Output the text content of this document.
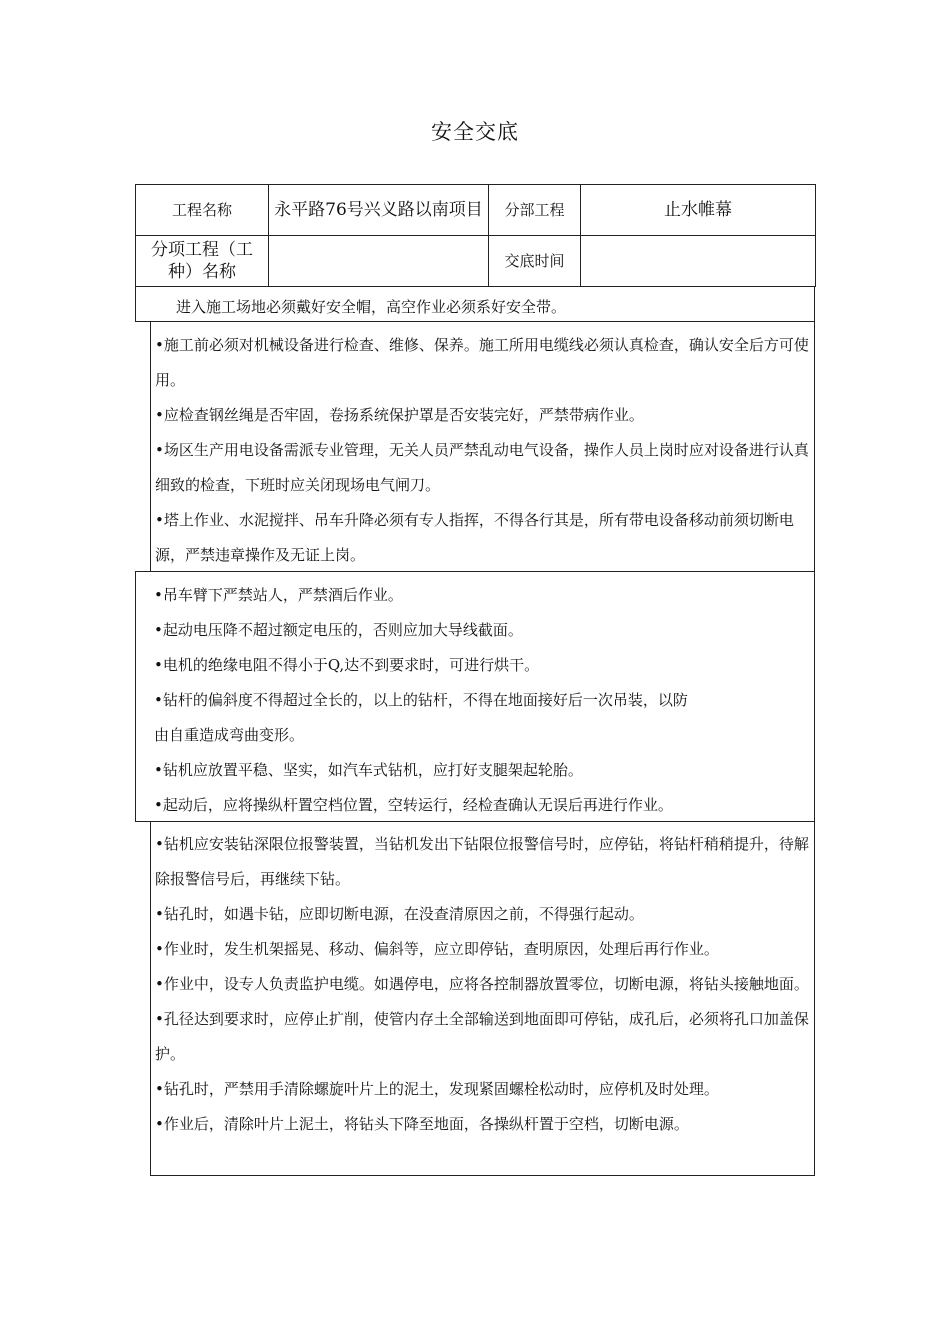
安全交底
工程名称	永平路76号兴义路以南项目	分部工程	止水帷幕
分项工程（工种）名称		交底时间	

进入施工场地必须戴好安全帽，高空作业必须系好安全带。

•施工前必须对机械设备进行检查、维修、保养。施工所用电缆线必须认真检查，确认安全后方可使用。

•应检查钢丝绳是否牢固，卷扬系统保护罩是否安装完好，严禁带病作业。

•场区生产用电设备需派专业管理，无关人员严禁乱动电气设备，操作人员上岗时应对设备进行认真细致的检查，下班时应关闭现场电气闸刀。

•塔上作业、水泥搅拌、吊车升降必须有专人指挥，不得各行其是，所有带电设备移动前须切断电源，严禁违章操作及无证上岗。

•吊车臂下严禁站人，严禁酒后作业。

•起动电压降不超过额定电压的，否则应加大导线截面。

•电机的绝缘电阻不得小于Q,达不到要求时，可进行烘干。

•钻杆的偏斜度不得超过全长的，以上的钻杆，不得在地面接好后一次吊装，以防

由自重造成弯曲变形。

•钻机应放置平稳、坚实，如汽车式钻机，应打好支腿架起轮胎。

•起动后，应将操纵杆置空档位置，空转运行，经检查确认无误后再进行作业。

•钻机应安装钻深限位报警装置，当钻机发出下钻限位报警信号时，应停钻，将钻杆稍稍提升，待解除报警信号后，再继续下钻。

•钻孔时，如遇卡钻，应即切断电源，在没查清原因之前，不得强行起动。

•作业时，发生机架摇晃、移动、偏斜等，应立即停钻，查明原因，处理后再行作业。

•作业中，设专人负责监护电缆。如遇停电，应将各控制器放置零位，切断电源，将钻头接触地面。

•孔径达到要求时，应停止扩削，使管内存土全部输送到地面即可停钻，成孔后，必须将孔口加盖保护。

•钻孔时，严禁用手清除螺旋叶片上的泥土，发现紧固螺栓松动时，应停机及时处理。

•作业后，清除叶片上泥土，将钻头下降至地面，各操纵杆置于空档，切断电源。
